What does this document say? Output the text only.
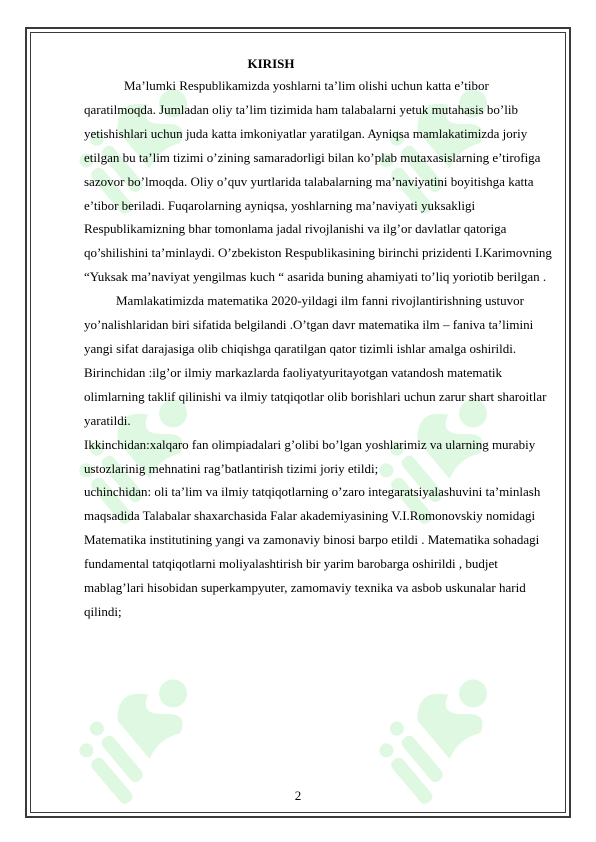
KIRISH

Ma’lumki Respublikamizda yoshlarni ta’lim olishi uchun katta e’tibor qaratilmoqda. Jumladan oliy ta’lim tizimida ham talabalarni yetuk mutahasis bo’lib yetishishlari uchun juda katta imkoniyatlar yaratilgan. Ayniqsa mamlakatimizda joriy etilgan bu ta’lim tizimi o’zining samaradorligi bilan ko’plab mutaxasislarning e’tirofiga sazovor bo’lmoqda. Oliy o’quv yurtlarida talabalarning ma’naviyatini boyitishga katta e’tibor beriladi. Fuqarolarning ayniqsa, yoshlarning ma’naviyati yuksakligi Respublikamizning bhar tomonlama jadal rivojlanishi va ilg’or davlatlar qatoriga qo’shilishini ta’minlaydi. O’zbekiston Respublikasining birinchi prizidenti I.Karimovning “Yuksak ma’naviyat yengilmas kuch “ asarida buning ahamiyati to’liq yoriotib berilgan .

Mamlakatimizda matematika 2020-yildagi ilm fanni rivojlantirishning ustuvor yo’nalishlaridan biri sifatida belgilandi .O’tgan davr matematika ilm – faniva ta’limini yangi sifat darajasiga olib chiqishga qaratilgan qator tizimli ishlar amalga oshirildi.

Birinchidan :ilg’or ilmiy markazlarda faoliyatyuritayotgan vatandosh matematik olimlarning taklif qilinishi va ilmiy tatqiqotlar olib borishlari uchun zarur shart sharoitlar yaratildi.

Ikkinchidan:xalqaro fan olimpiadalari g’olibi bo’lgan yoshlarimiz va ularning murabiy ustozlarinig mehnatini rag’batlantirish tizimi joriy etildi;

uchinchidan: oli ta’lim va ilmiy tatqiqotlarning o’zaro integaratsiyalashuvini ta’minlash maqsadida Talabalar shaxarchasida Falar akademiyasining V.I.Romonovskiy nomidagi Matematika institutining yangi va zamonaviy binosi barpo etildi . Matematika sohadagi fundamental tatqiqotlarni moliyalashtirish bir yarim barobarga oshirildi , budjet mablag’lari hisobidan superkampyuter, zamomaviy texnika va asbob uskunalar harid qilindi;

2
